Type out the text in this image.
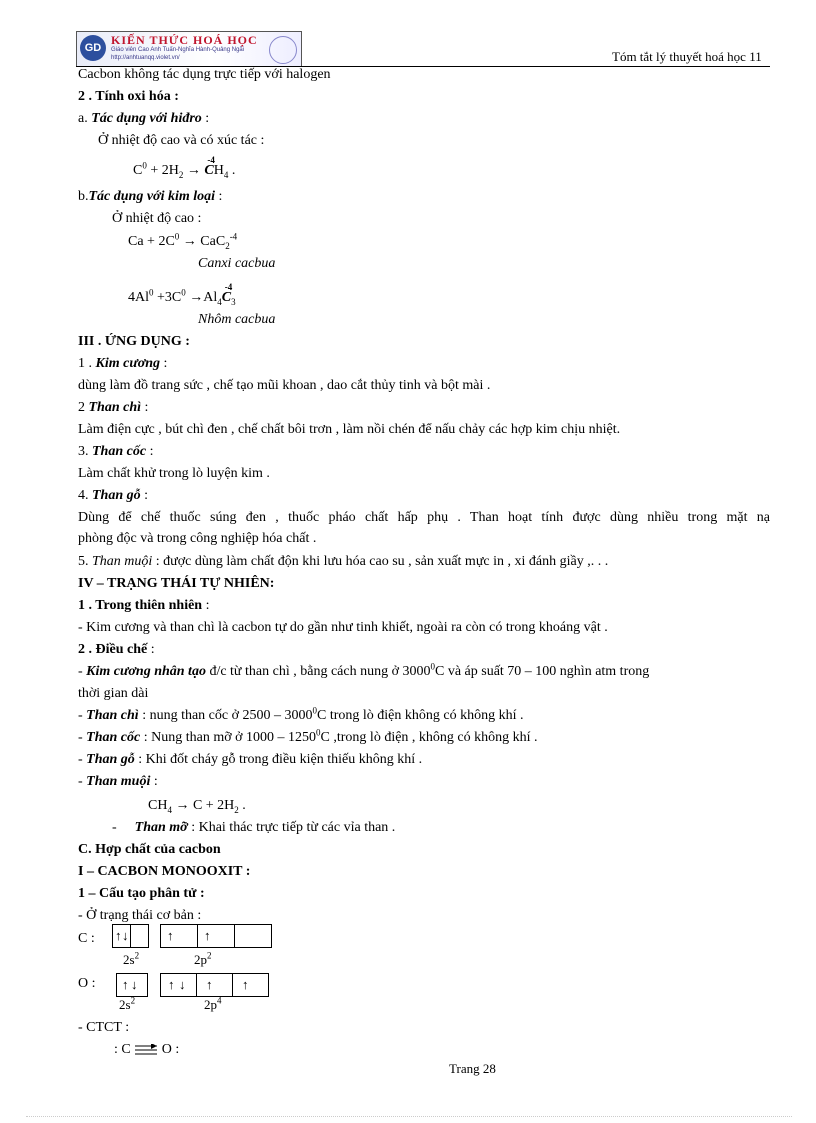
GD
KIẾN THỨC HOÁ HỌC
Giáo viên Cao Anh Tuấn-Nghĩa Hành-Quảng Ngãi
http://anhtuanqq.violet.vn/	Tóm tắt lý thuyết hoá học 11
Cacbon không tác dụng trực tiếp với halogen
2 . Tính oxi hóa :
a. Tác dụng với hiđro :
Ở nhiệt độ cao và có xúc tác :
$C^0 + 2H_2$ →
-4
$CH_4$ .
b.Tác dụng với kim loại :
Ở nhiệt độ cao :
$Ca + 2C^0 \to CaC_2^{-4}$
Canxi cacbua
$4Al^0 +3C^0 \to Al_4$
-4
$C_3$
Nhôm cacbua
III . ỨNG DỤNG :
1 . Kim cương :
dùng làm đồ trang sức , chế tạo mũi khoan , dao cắt thủy tinh và bột mài .
2 Than chì :
Làm điện cực , bút chì đen , chế chất bôi trơn , làm nồi chén để nấu chảy các hợp kim chịu nhiệt.
3. Than cốc :
Làm chất khử trong lò luyện kim .
4. Than gỗ :
Dùng để chế thuốc súng đen , thuốc pháo chất hấp phụ . Than hoạt tính được dùng nhiều trong mặt nạ
phòng độc và trong công nghiệp hóa chất .
5. Than muội : được dùng làm chất độn khi lưu hóa cao su , sản xuất mực in , xi đánh giầy ,. . .
IV – TRẠNG THÁI TỰ NHIÊN:
1 . Trong thiên nhiên :
- Kim cương và than chì là cacbon tự do gần như tinh khiết, ngoài ra còn có trong khoáng vật .
2 . Điều chế :
- Kim cương nhân tạo đ/c từ than chì , bằng cách nung ở 3000$^0$C và áp suất 70 – 100 nghìn atm trong
thời gian dài
- Than chì : nung than cốc ở 2500 – 3000$^0$C trong lò điện không có không khí .
- Than cốc : Nung than mỡ ở 1000 – 1250$^0$C ,trong lò điện , không có không khí .
- Than gỗ : Khi đốt cháy gỗ trong điều kiện thiếu không khí .
- Than muội :
$CH_4 \to C + 2H_2$ .
- Than mỡ : Khai thác trực tiếp từ các vỉa than .
C. Hợp chất của cacbon
I – CACBON MONOOXIT :
1 – Cấu tạo phân tử :
- Ở trạng thái cơ bản :
C : ↑ ↓	↑ ↑
$2s^2$	$2p^2$
O : ↑ ↓ ↑ ↓ ↑ ↑
$2s^2$	$2p^4$
- CTCT :
: C O :
Trang 28
